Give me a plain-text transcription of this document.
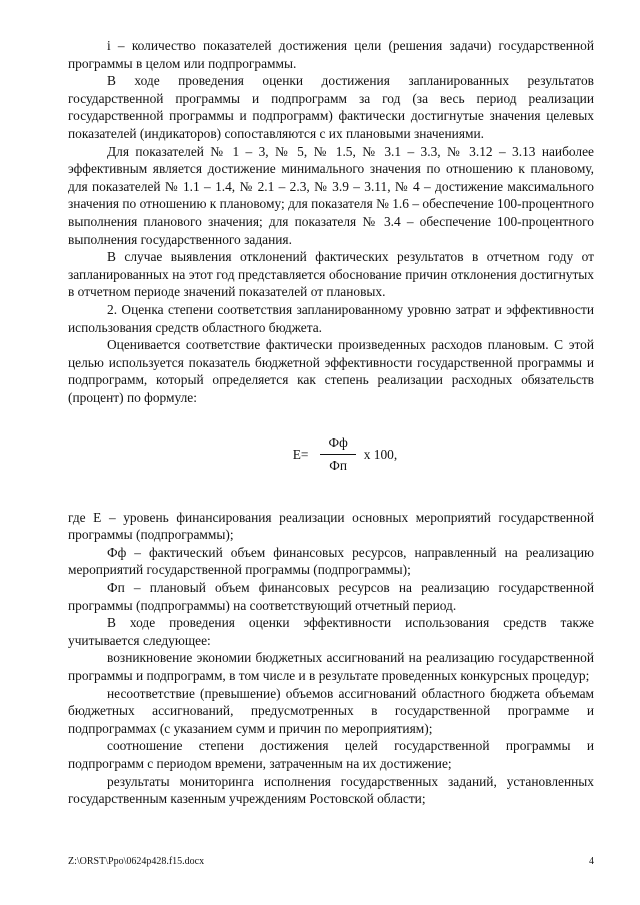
i – количество показателей достижения цели (решения задачи) государственной программы в целом или подпрограммы.

В ходе проведения оценки достижения запланированных результатов государственной программы и подпрограмм за год (за весь период реализации государственной программы и подпрограмм) фактически достигнутые значения целевых показателей (индикаторов) сопоставляются с их плановыми значениями.

Для показателей № 1 – 3, № 5, № 1.5, № 3.1 – 3.3, № 3.12 – 3.13 наиболее эффективным является достижение минимального значения по отношению к плановому, для показателей № 1.1 – 1.4, № 2.1 – 2.3, № 3.9 – 3.11, № 4 – достижение максимального значения по отношению к плановому; для показателя № 1.6 – обеспечение 100-процентного выполнения планового значения; для показателя № 3.4 – обеспечение 100-процентного выполнения государственного задания.

В случае выявления отклонений фактических результатов в отчетном году от запланированных на этот год представляется обоснование причин отклонения достигнутых в отчетном периоде значений показателей от плановых.

2. Оценка степени соответствия запланированному уровню затрат и эффективности использования средств областного бюджета.

Оценивается соответствие фактически произведенных расходов плановым. С этой целью используется показатель бюджетной эффективности государственной программы и подпрограмм, который определяется как степень реализации расходных обязательств (процент) по формуле:

$E= \frac{Фф}{Фп}$ x 100,

где E – уровень финансирования реализации основных мероприятий государственной программы (подпрограммы);

Фф – фактический объем финансовых ресурсов, направленный на реализацию мероприятий государственной программы (подпрограммы);

Фп – плановый объем финансовых ресурсов на реализацию государственной программы (подпрограммы) на соответствующий отчетный период.

В ходе проведения оценки эффективности использования средств также учитывается следующее:

возникновение экономии бюджетных ассигнований на реализацию государственной программы и подпрограмм, в том числе и в результате проведенных конкурсных процедур;

несоответствие (превышение) объемов ассигнований областного бюджета объемам бюджетных ассигнований, предусмотренных в государственной программе и подпрограммах (с указанием сумм и причин по мероприятиям);

соотношение степени достижения целей государственной программы и подпрограмм с периодом времени, затраченным на их достижение;

результаты мониторинга исполнения государственных заданий, установленных государственным казенным учреждениям Ростовской области;

Z:\ORST\Ppo\0624p428.f15.docx	4
